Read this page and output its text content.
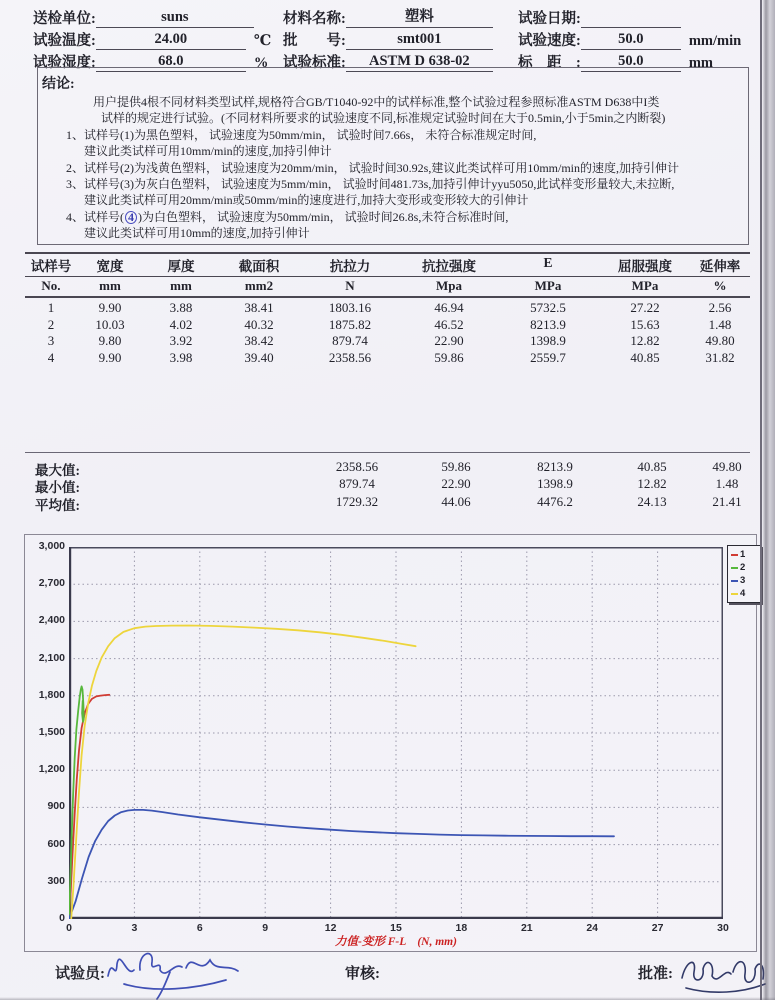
送检单位:	suns
试验温度:	24.00	℃
试验湿度:	68.0	%
材料名称:	塑料
批　　号:	smt001
试验标准:	ASTM D 638-02
试验日期:
试验速度:	50.0	mm/min
标　距　:	50.0	mm
结论:
用户提供4根不同材料类型试样,规格符合GB/T1040-92中的试样标准,整个试验过程参照标准ASTM D638中I类
试样的规定进行试验。(不同材料所要求的试验速度不同,标准规定试验时间在大于0.5min,小于5min之内断裂)
1、试样号(1)为黑色塑料， 试验速度为50mm/min， 试验时间7.66s， 未符合标准规定时间,
建议此类试样可用10mm/min的速度,加持引伸计
2、试样号(2)为浅黄色塑料， 试验速度为20mm/min， 试验时间30.92s,建议此类试样可用10mm/min的速度,加持引伸计
3、试样号(3)为灰白色塑料， 试验速度为5mm/min， 试验时间481.73s,加持引伸计yyu5050,此试样变形量较大,未拉断,
建议此类试样可用20mm/min或50mm/min的速度进行,加持大变形或变形较大的引伸计
4、试样号( 4 )为白色塑料， 试验速度为50mm/min， 试验时间26.8s,未符合标准时间,
建议此类试样可用10mm的速度,加持引伸计
试样号	宽度	厚度	截面积	抗拉力	抗拉强度	E	屈服强度	延伸率
No.	mm	mm	mm2	N	Mpa	MPa	MPa	%
1	9.90	3.88	38.41	1803.16	46.94	5732.5	27.22	2.56
2	10.03	4.02	40.32	1875.82	46.52	8213.9	15.63	1.48
3	9.80	3.92	38.42	879.74	22.90	1398.9	12.82	49.80
4	9.90	3.98	39.40	2358.56	59.86	2559.7	40.85	31.82
最大值:	2358.56	59.86	8213.9	40.85	49.80
最小值:	879.74	22.90	1398.9	12.82	1.48
平均值:	1729.32	44.06	4476.2	24.13	21.41
0
300
600
900
1,200
1,500
1,800
2,100
2,400
2,700
3,000
0	3	6	9	12	15	18	21	24	27	30
1
2
3
4
力值-变形 F-L　(N, mm)
试验员:	审核:	批准:
